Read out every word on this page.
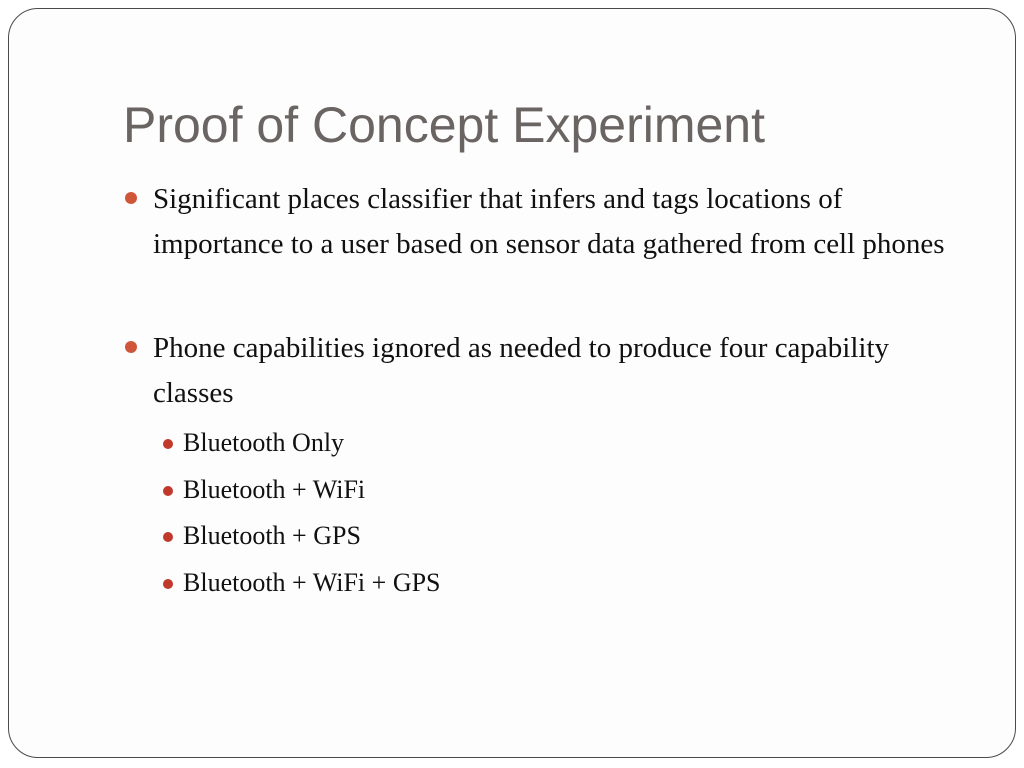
Proof of Concept Experiment
Significant places classifier that infers and tags locations of importance to a user based on sensor data gathered from cell phones
Phone capabilities ignored as needed to produce four capability classes
Bluetooth Only
Bluetooth + WiFi
Bluetooth + GPS
Bluetooth + WiFi + GPS
